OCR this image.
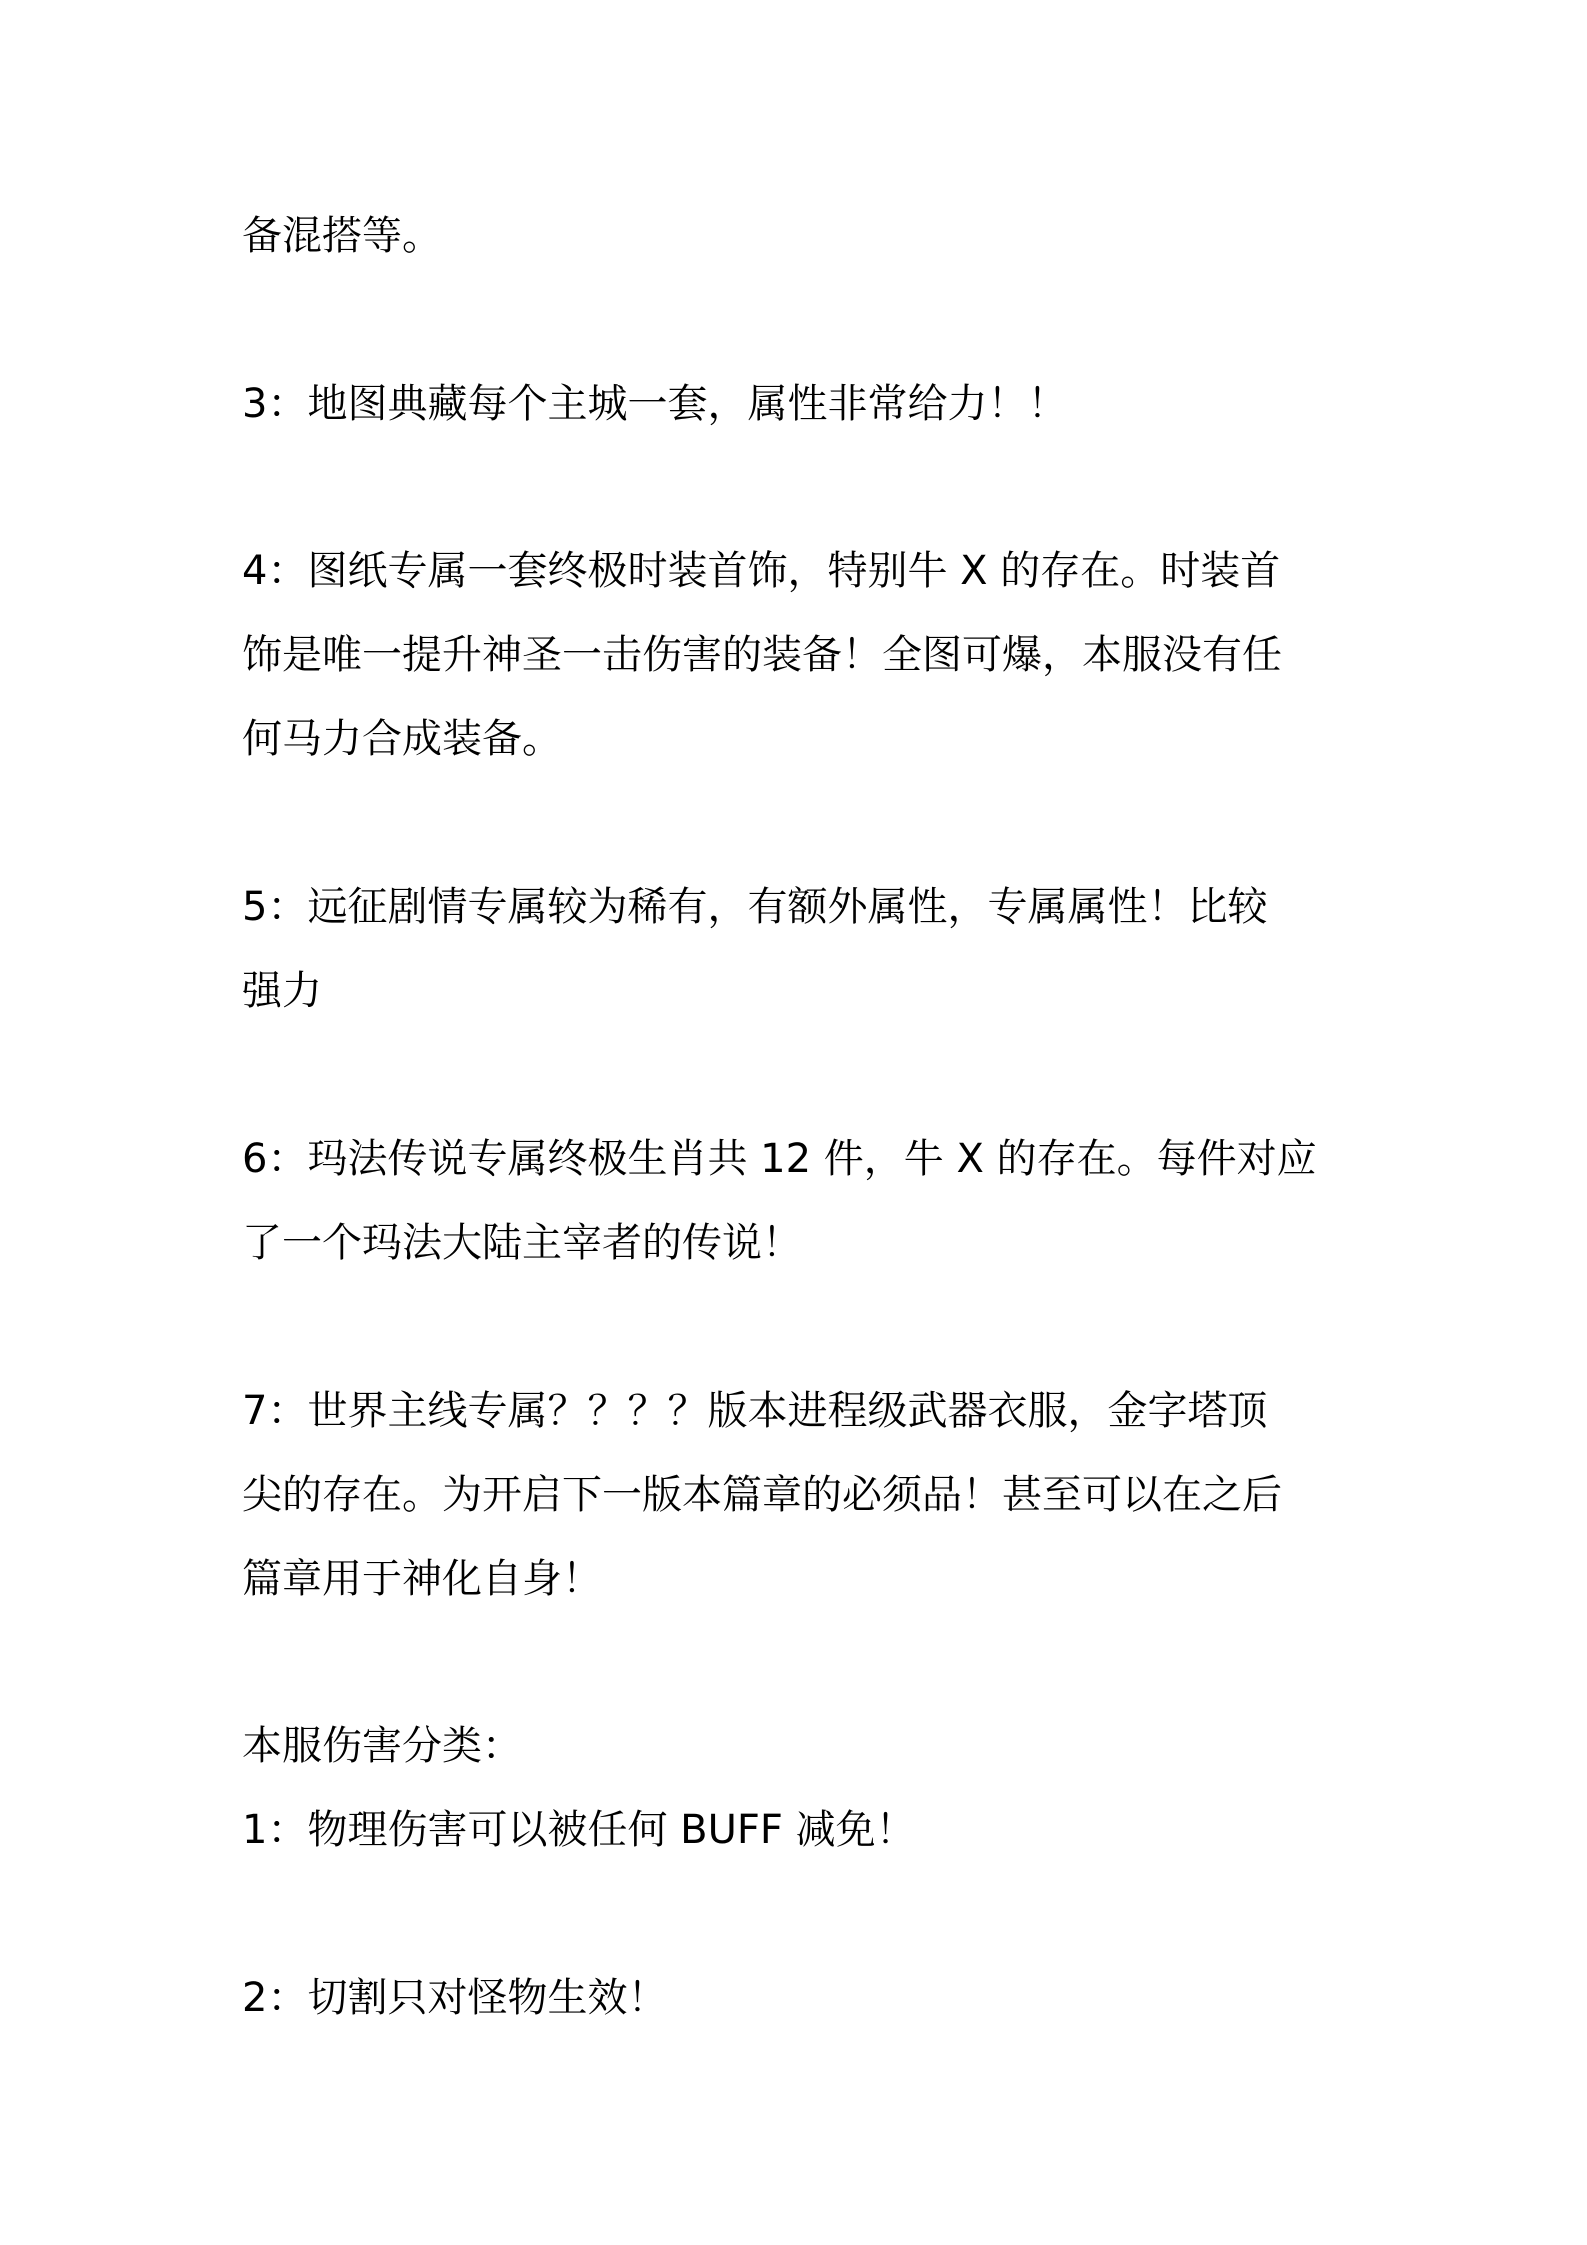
备混搭等。

3：地图典藏每个主城一套，属性非常给力！！

4：图纸专属一套终极时装首饰，特别牛 X 的存在。时装首
饰是唯一提升神圣一击伤害的装备！全图可爆，本服没有任
何马力合成装备。

5：远征剧情专属较为稀有，有额外属性，专属属性！比较
强力

6：玛法传说专属终极生肖共 12 件，牛 X 的存在。每件对应
了一个玛法大陆主宰者的传说！

7：世界主线专属？？？？版本进程级武器衣服，金字塔顶
尖的存在。为开启下一版本篇章的必须品！甚至可以在之后
篇章用于神化自身！

本服伤害分类：

1：物理伤害可以被任何 BUFF 减免！

2：切割只对怪物生效！
